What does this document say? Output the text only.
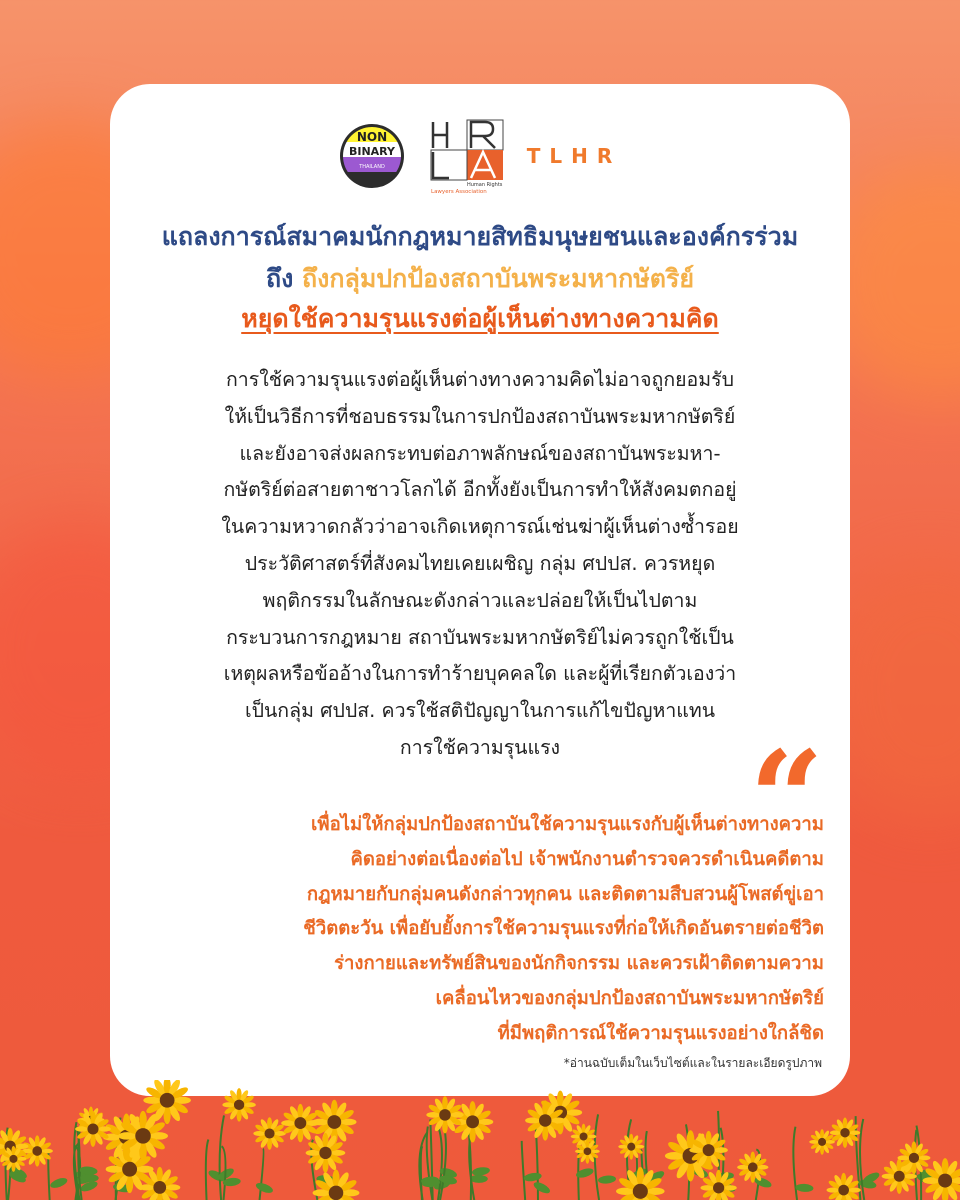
NON
BINARY
THAILAND
Human Rights
Lawyers Association
TLHR

แถลงการณ์สมาคมนักกฎหมายสิทธิมนุษยชนและองค์กรร่วม

ถึง ถึงกลุ่มปกป้องสถาบันพระมหากษัตริย์

หยุดใช้ความรุนแรงต่อผู้เห็นต่างทางความคิด

การใช้ความรุนแรงต่อผู้เห็นต่างทางความคิดไม่อาจถูกยอมรับ
ให้เป็นวิธีการที่ชอบธรรมในการปกป้องสถาบันพระมหากษัตริย์
และยังอาจส่งผลกระทบต่อภาพลักษณ์ของสถาบันพระมหา-
กษัตริย์ต่อสายตาชาวโลกได้ อีกทั้งยังเป็นการทำให้สังคมตกอยู่
ในความหวาดกลัวว่าอาจเกิดเหตุการณ์เช่นฆ่าผู้เห็นต่างซ้ำรอย
ประวัติศาสตร์ที่สังคมไทยเคยเผชิญ กลุ่ม ศปปส. ควรหยุด
พฤติกรรมในลักษณะดังกล่าวและปล่อยให้เป็นไปตาม
กระบวนการกฎหมาย สถาบันพระมหากษัตริย์ไม่ควรถูกใช้เป็น
เหตุผลหรือข้ออ้างในการทำร้ายบุคคลใด และผู้ที่เรียกตัวเองว่า
เป็นกลุ่ม ศปปส. ควรใช้สติปัญญาในการแก้ไขปัญหาแทน
การใช้ความรุนแรง	“
เพื่อไม่ให้กลุ่มปกป้องสถาบันใช้ความรุนแรงกับผู้เห็นต่างทางความ
คิดอย่างต่อเนื่องต่อไป เจ้าพนักงานตำรวจควรดำเนินคดีตาม
กฎหมายกับกลุ่มคนดังกล่าวทุกคน และติดตามสืบสวนผู้โพสต์ขู่เอา
ชีวิตตะวัน เพื่อยับยั้งการใช้ความรุนแรงที่ก่อให้เกิดอันตรายต่อชีวิต
ร่างกายและทรัพย์สินของนักกิจกรรม และควรเฝ้าติดตามความ
เคลื่อนไหวของกลุ่มปกป้องสถาบันพระมหากษัตริย์
ที่มีพฤติการณ์ใช้ความรุนแรงอย่างใกล้ชิด
*อ่านฉบับเต็มในเว็บไซต์และในรายละเอียดรูปภาพ
